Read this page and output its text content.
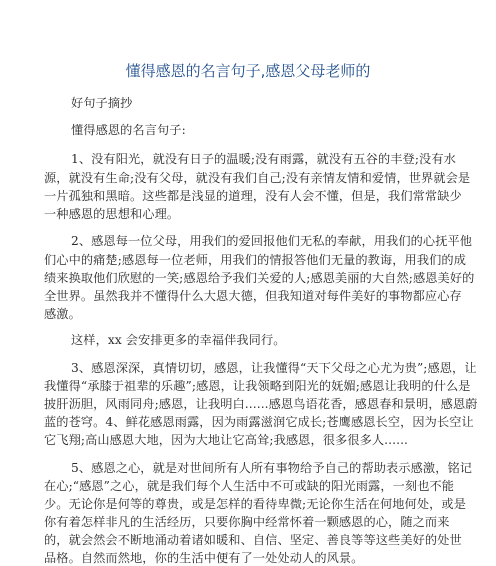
懂得感恩的名言句子,感恩父母老师的
好句子摘抄
懂得感恩的名言句子:
1、没有阳光，就没有日子的温暖;没有雨露，就没有五谷的丰登;没有水
源，就没有生命;没有父母，就没有我们自己;没有亲情友情和爱情，世界就会是
一片孤独和黑暗。这些都是浅显的道理，没有人会不懂，但是，我们常常缺少
一种感恩的思想和心理。
2、感恩每一位父母，用我们的爱回报他们无私的奉献，用我们的心抚平他
们心中的痛楚;感恩每一位老师，用我们的情报答他们无量的教诲，用我们的成
绩来换取他们欣慰的一笑;感恩给予我们关爱的人;感恩美丽的大自然;感恩美好的
全世界。虽然我并不懂得什么大恩大德，但我知道对每件美好的事物都应心存
感激。
这样，xx 会安排更多的幸福伴我同行。
3、感恩深深，真情切切，感恩，让我懂得“天下父母之心尤为贵”;感恩，让
我懂得“承膝于祖辈的乐趣”;感恩，让我领略到阳光的妩媚;感恩让我明的什么是
披肝沥胆，风雨同舟;感恩，让我明白......感恩鸟语花香，感恩春和景明，感恩蔚
蓝的苍穹。4、鲜花感恩雨露，因为雨露滋润它成长;苍鹰感恩长空，因为长空让
它飞翔;高山感恩大地，因为大地让它高耸;我感恩，很多很多人......
5、感恩之心，就是对世间所有人所有事物给予自己的帮助表示感激，铭记
在心;“感恩”之心，就是我们每个人生活中不可或缺的阳光雨露，一刻也不能
少。无论你是何等的尊贵，或是怎样的看待卑微;无论你生活在何地何处，或是
你有着怎样非凡的生活经历，只要你胸中经常怀着一颗感恩的心，随之而来
的，就会然会不断地涌动着诸如暖和、自信、坚定、善良等等这些美好的处世
品格。自然而然地，你的生活中便有了一处处动人的风景。
